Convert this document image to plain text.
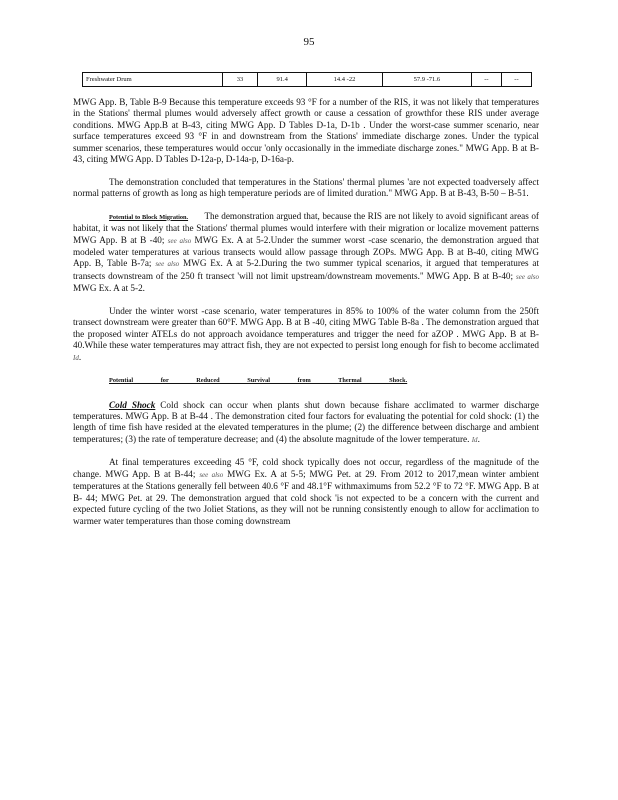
95
Freshwater Drum	33	91.4	14.4 -22	57.9 -71.6	--	--

MWG App. B, Table B-9 Because this temperature exceeds 93 °F for a number of the RIS, it was not likely that temperatures in the Stations' thermal plumes would adversely affect growth or cause a cessation of growthfor these RIS under average conditions. MWG App.B at B-43, citing MWG App. D Tables D-1a, D-1b . Under the worst-case summer scenario, near surface temperatures exceed 93 °F in and downstream from the Stations' immediate discharge zones. Under the typical summer scenarios, these temperatures would occur 'only occasionally in the immediate discharge zones." MWG App. B at B-43, citing MWG App. D Tables D-12a-p, D-14a-p, D-16a-p.

The demonstration concluded that temperatures in the Stations' thermal plumes 'are not expected toadversely affect normal patterns of growth as long as high temperature periods are of limited duration." MWG App. B at B-43, B-50 – B-51.

Potential to Block Migration. The demonstration argued that, because the RIS are not likely to avoid significant areas of habitat, it was not likely that the Stations' thermal plumes would interfere with their migration or localize movement patterns MWG App. B at B -40; see also MWG Ex. A at 5-2.Under the summer worst -case scenario, the demonstration argued that modeled water temperatures at various transects would allow passage through ZOPs. MWG App. B at B-40, citing MWG App. B, Table B-7a; see also MWG Ex. A at 5-2.During the two summer typical scenarios, it argued that temperatures at transects downstream of the 250 ft transect 'will not limit upstream/downstream movements." MWG App. B at B-40; see also MWG Ex. A at 5-2.

Under the winter worst -case scenario, water temperatures in 85% to 100% of the water column from the 250ft transect downstream were greater than 60°F. MWG App. B at B -40, citing MWG Table B-8a . The demonstration argued that the proposed winter ATELs do not approach avoidance temperatures and trigger the need for aZOP . MWG App. B at B-40.While these water temperatures may attract fish, they are not expected to persist long enough for fish to become acclimated Id.

Potential for Reduced Survival from Thermal Shock.

Cold Shock Cold shock can occur when plants shut down because fishare acclimated to warmer discharge temperatures. MWG App. B at B-44 . The demonstration cited four factors for evaluating the potential for cold shock: (1) the length of time fish have resided at the elevated temperatures in the plume; (2) the difference between discharge and ambient temperatures; (3) the rate of temperature decrease; and (4) the absolute magnitude of the lower temperature. Id.

At final temperatures exceeding 45 °F, cold shock typically does not occur, regardless of the magnitude of the change. MWG App. B at B-44; see also MWG Ex. A at 5-5; MWG Pet. at 29. From 2012 to 2017,mean winter ambient temperatures at the Stations generally fell between 40.6 °F and 48.1°F withmaximums from 52.2 °F to 72 °F. MWG App. B at B- 44; MWG Pet. at 29. The demonstration argued that cold shock 'is not expected to be a concern with the current and expected future cycling of the two Joliet Stations, as they will not be running consistently enough to allow for acclimation to warmer water temperatures than those coming downstream
